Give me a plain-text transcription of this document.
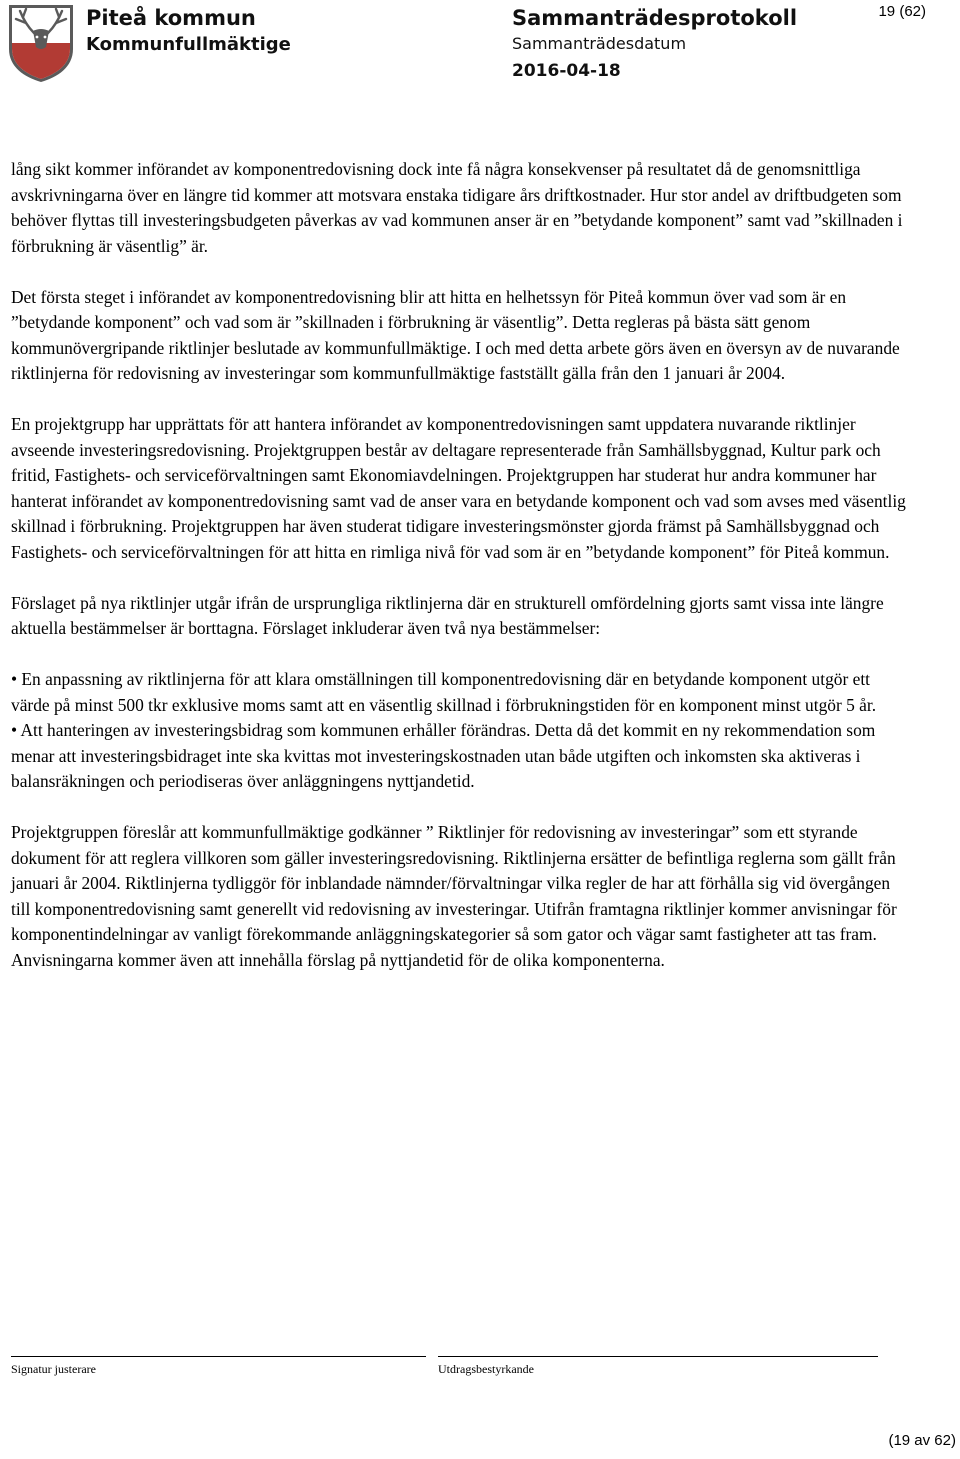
Piteå kommun
Kommunfullmäktige
Sammanträdesprotokoll
Sammanträdesdatum
2016-04-18
19 (62)

lång sikt kommer införandet av komponentredovisning dock inte få några konsekvenser på resultatet då de genomsnittliga avskrivningarna över en längre tid kommer att motsvara enstaka tidigare års driftkostnader. Hur stor andel av driftbudgeten som behöver flyttas till investeringsbudgeten påverkas av vad kommunen anser är en ”betydande komponent” samt vad ”skillnaden i förbrukning är väsentlig” är.

Det första steget i införandet av komponentredovisning blir att hitta en helhetssyn för Piteå kommun över vad som är en ”betydande komponent” och vad som är ”skillnaden i förbrukning är väsentlig”. Detta regleras på bästa sätt genom kommunövergripande riktlinjer beslutade av kommunfullmäktige. I och med detta arbete görs även en översyn av de nuvarande riktlinjerna för redovisning av investeringar som kommunfullmäktige fastställt gälla från den 1 januari år 2004.

En projektgrupp har upprättats för att hantera införandet av komponentredovisningen samt uppdatera nuvarande riktlinjer avseende investeringsredovisning. Projektgruppen består av deltagare representerade från Samhällsbyggnad, Kultur park och fritid, Fastighets- och serviceförvaltningen samt Ekonomiavdelningen. Projektgruppen har studerat hur andra kommuner har hanterat införandet av komponentredovisning samt vad de anser vara en betydande komponent och vad som avses med väsentlig skillnad i förbrukning. Projektgruppen har även studerat tidigare investeringsmönster gjorda främst på Samhällsbyggnad och Fastighets- och serviceförvaltningen för att hitta en rimliga nivå för vad som är en ”betydande komponent” för Piteå kommun.

Förslaget på nya riktlinjer utgår ifrån de ursprungliga riktlinjerna där en strukturell omfördelning gjorts samt vissa inte längre aktuella bestämmelser är borttagna. Förslaget inkluderar även två nya bestämmelser:

• En anpassning av riktlinjerna för att klara omställningen till komponentredovisning där en betydande komponent utgör ett värde på minst 500 tkr exklusive moms samt att en väsentlig skillnad i förbrukningstiden för en komponent minst utgör 5 år.

• Att hanteringen av investeringsbidrag som kommunen erhåller förändras. Detta då det kommit en ny rekommendation som menar att investeringsbidraget inte ska kvittas mot investeringskostnaden utan både utgiften och inkomsten ska aktiveras i balansräkningen och periodiseras över anläggningens nyttjandetid.

Projektgruppen föreslår att kommunfullmäktige godkänner ” Riktlinjer för redovisning av investeringar” som ett styrande dokument för att reglera villkoren som gäller investeringsredovisning. Riktlinjerna ersätter de befintliga reglerna som gällt från januari år 2004. Riktlinjerna tydliggör för inblandade nämnder/förvaltningar vilka regler de har att förhålla sig vid övergången till komponentredovisning samt generellt vid redovisning av investeringar. Utifrån framtagna riktlinjer kommer anvisningar för komponentindelningar av vanligt förekommande anläggningskategorier så som gator och vägar samt fastigheter att tas fram. Anvisningarna kommer även att innehålla förslag på nyttjandetid för de olika komponenterna.

Signatur justerare	Utdragsbestyrkande
(19 av 62)
